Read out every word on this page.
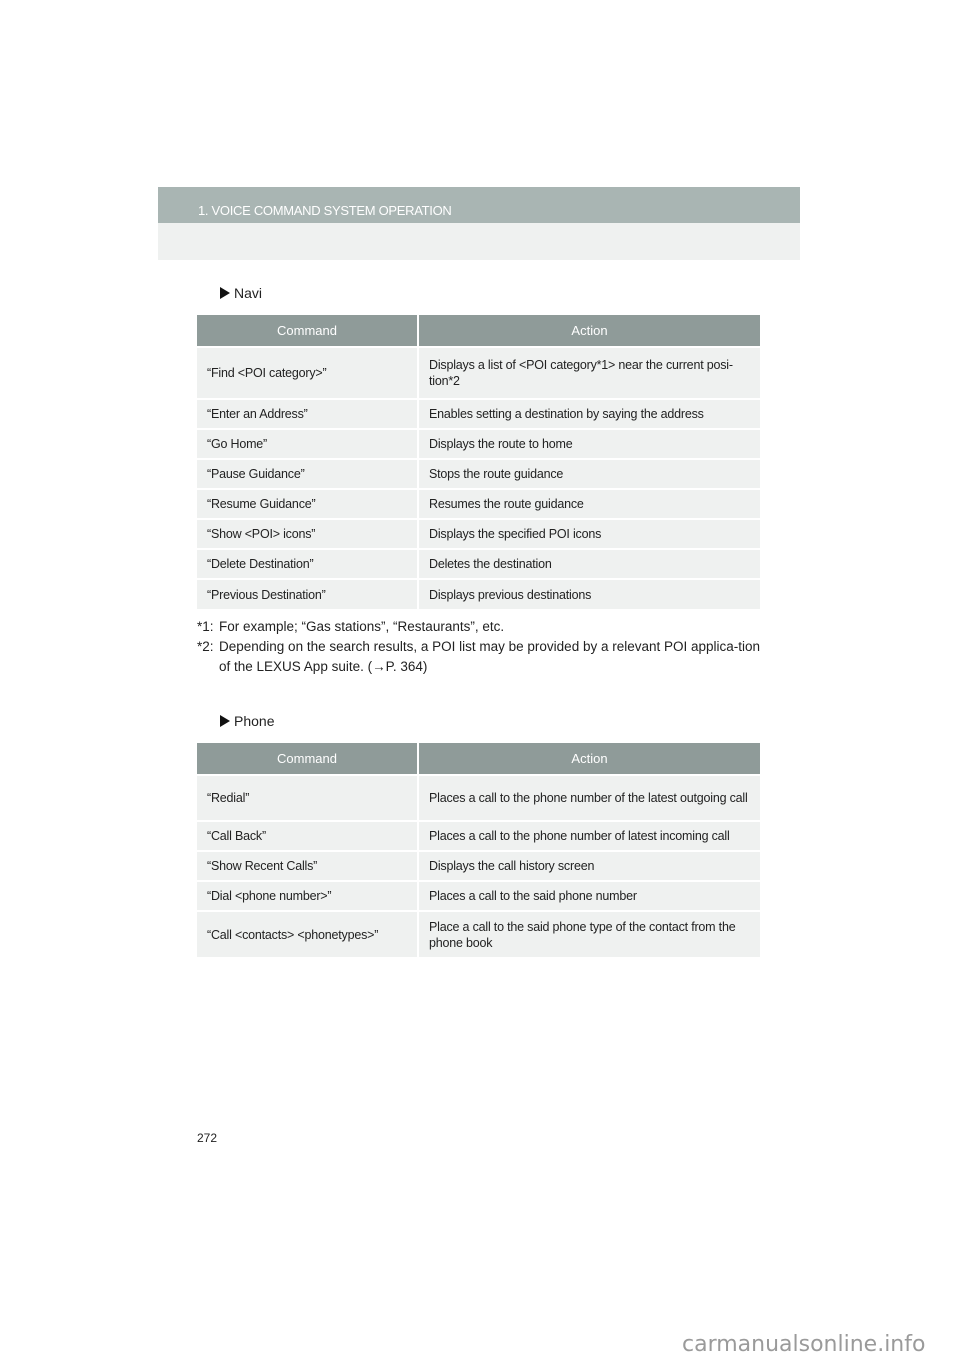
1. VOICE COMMAND SYSTEM OPERATION
Navi
Command	Action
“Find <POI category>”	Displays a list of <POI category*1> near the current posi-tion*2
“Enter an Address”	Enables setting a destination by saying the address
“Go Home”	Displays the route to home
“Pause Guidance”	Stops the route guidance
“Resume Guidance”	Resumes the route guidance
“Show <POI> icons”	Displays the specified POI icons
“Delete Destination”	Deletes the destination
“Previous Destination”	Displays previous destinations
*1: For example; “Gas stations”, “Restaurants”, etc.
*2: Depending on the search results, a POI list may be provided by a relevant POI applica-tion of the LEXUS App suite. (→P. 364)
Phone
Command	Action
“Redial”	Places a call to the phone number of the latest outgoing call
“Call Back”	Places a call to the phone number of latest incoming call
“Show Recent Calls”	Displays the call history screen
“Dial <phone number>”	Places a call to the said phone number
“Call <contacts> <phonetypes>”	Place a call to the said phone type of the contact from the phone book
272
carmanualsonline.info
